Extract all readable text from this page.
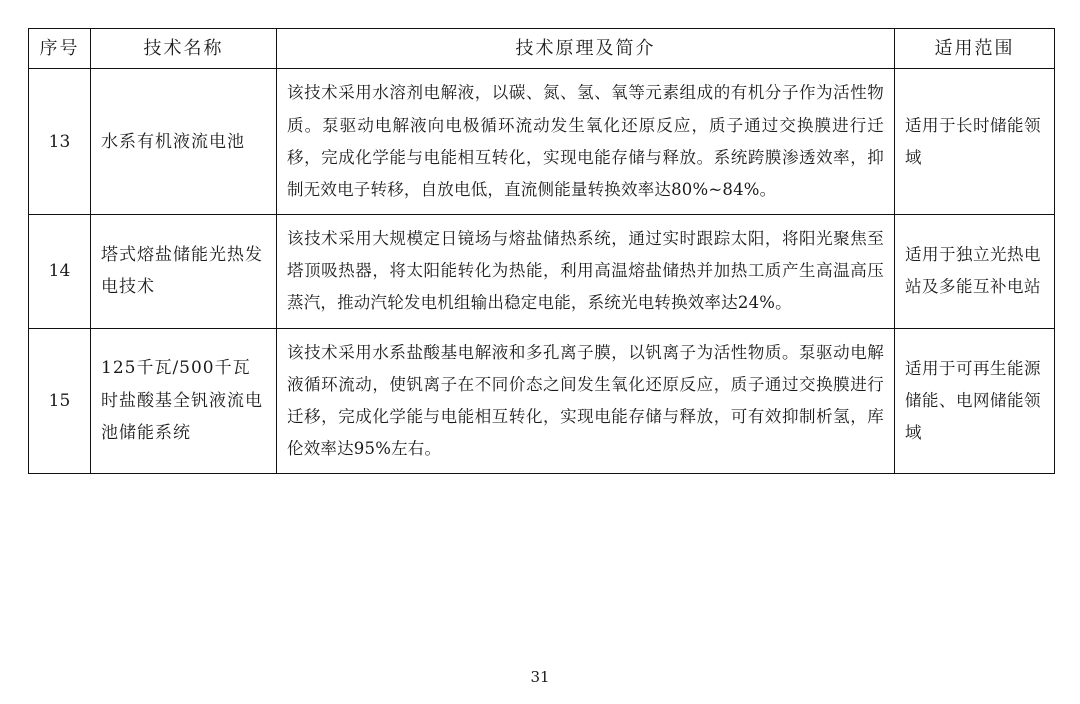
序号	技术名称	技术原理及简介	适用范围
13	水系有机液流电池	该技术采用水溶剂电解液，以碳、氮、氢、氧等元素组成的有机分子作为活性物质。泵驱动电解液向电极循环流动发生氧化还原反应，质子通过交换膜进行迁移，完成化学能与电能相互转化，实现电能存储与释放。系统跨膜渗透效率，抑制无效电子转移，自放电低，直流侧能量转换效率达80%~84%。	适用于长时储能领域
14	塔式熔盐储能光热发电技术	该技术采用大规模定日镜场与熔盐储热系统，通过实时跟踪太阳，将阳光聚焦至塔顶吸热器，将太阳能转化为热能，利用高温熔盐储热并加热工质产生高温高压蒸汽，推动汽轮发电机组输出稳定电能，系统光电转换效率达24%。	适用于独立光热电站及多能互补电站
15	125千瓦/500千瓦时盐酸基全钒液流电池储能系统	该技术采用水系盐酸基电解液和多孔离子膜，以钒离子为活性物质。泵驱动电解液循环流动，使钒离子在不同价态之间发生氧化还原反应，质子通过交换膜进行迁移，完成化学能与电能相互转化，实现电能存储与释放，可有效抑制析氢，库伦效率达95%左右。	适用于可再生能源储能、电网储能领域
31
